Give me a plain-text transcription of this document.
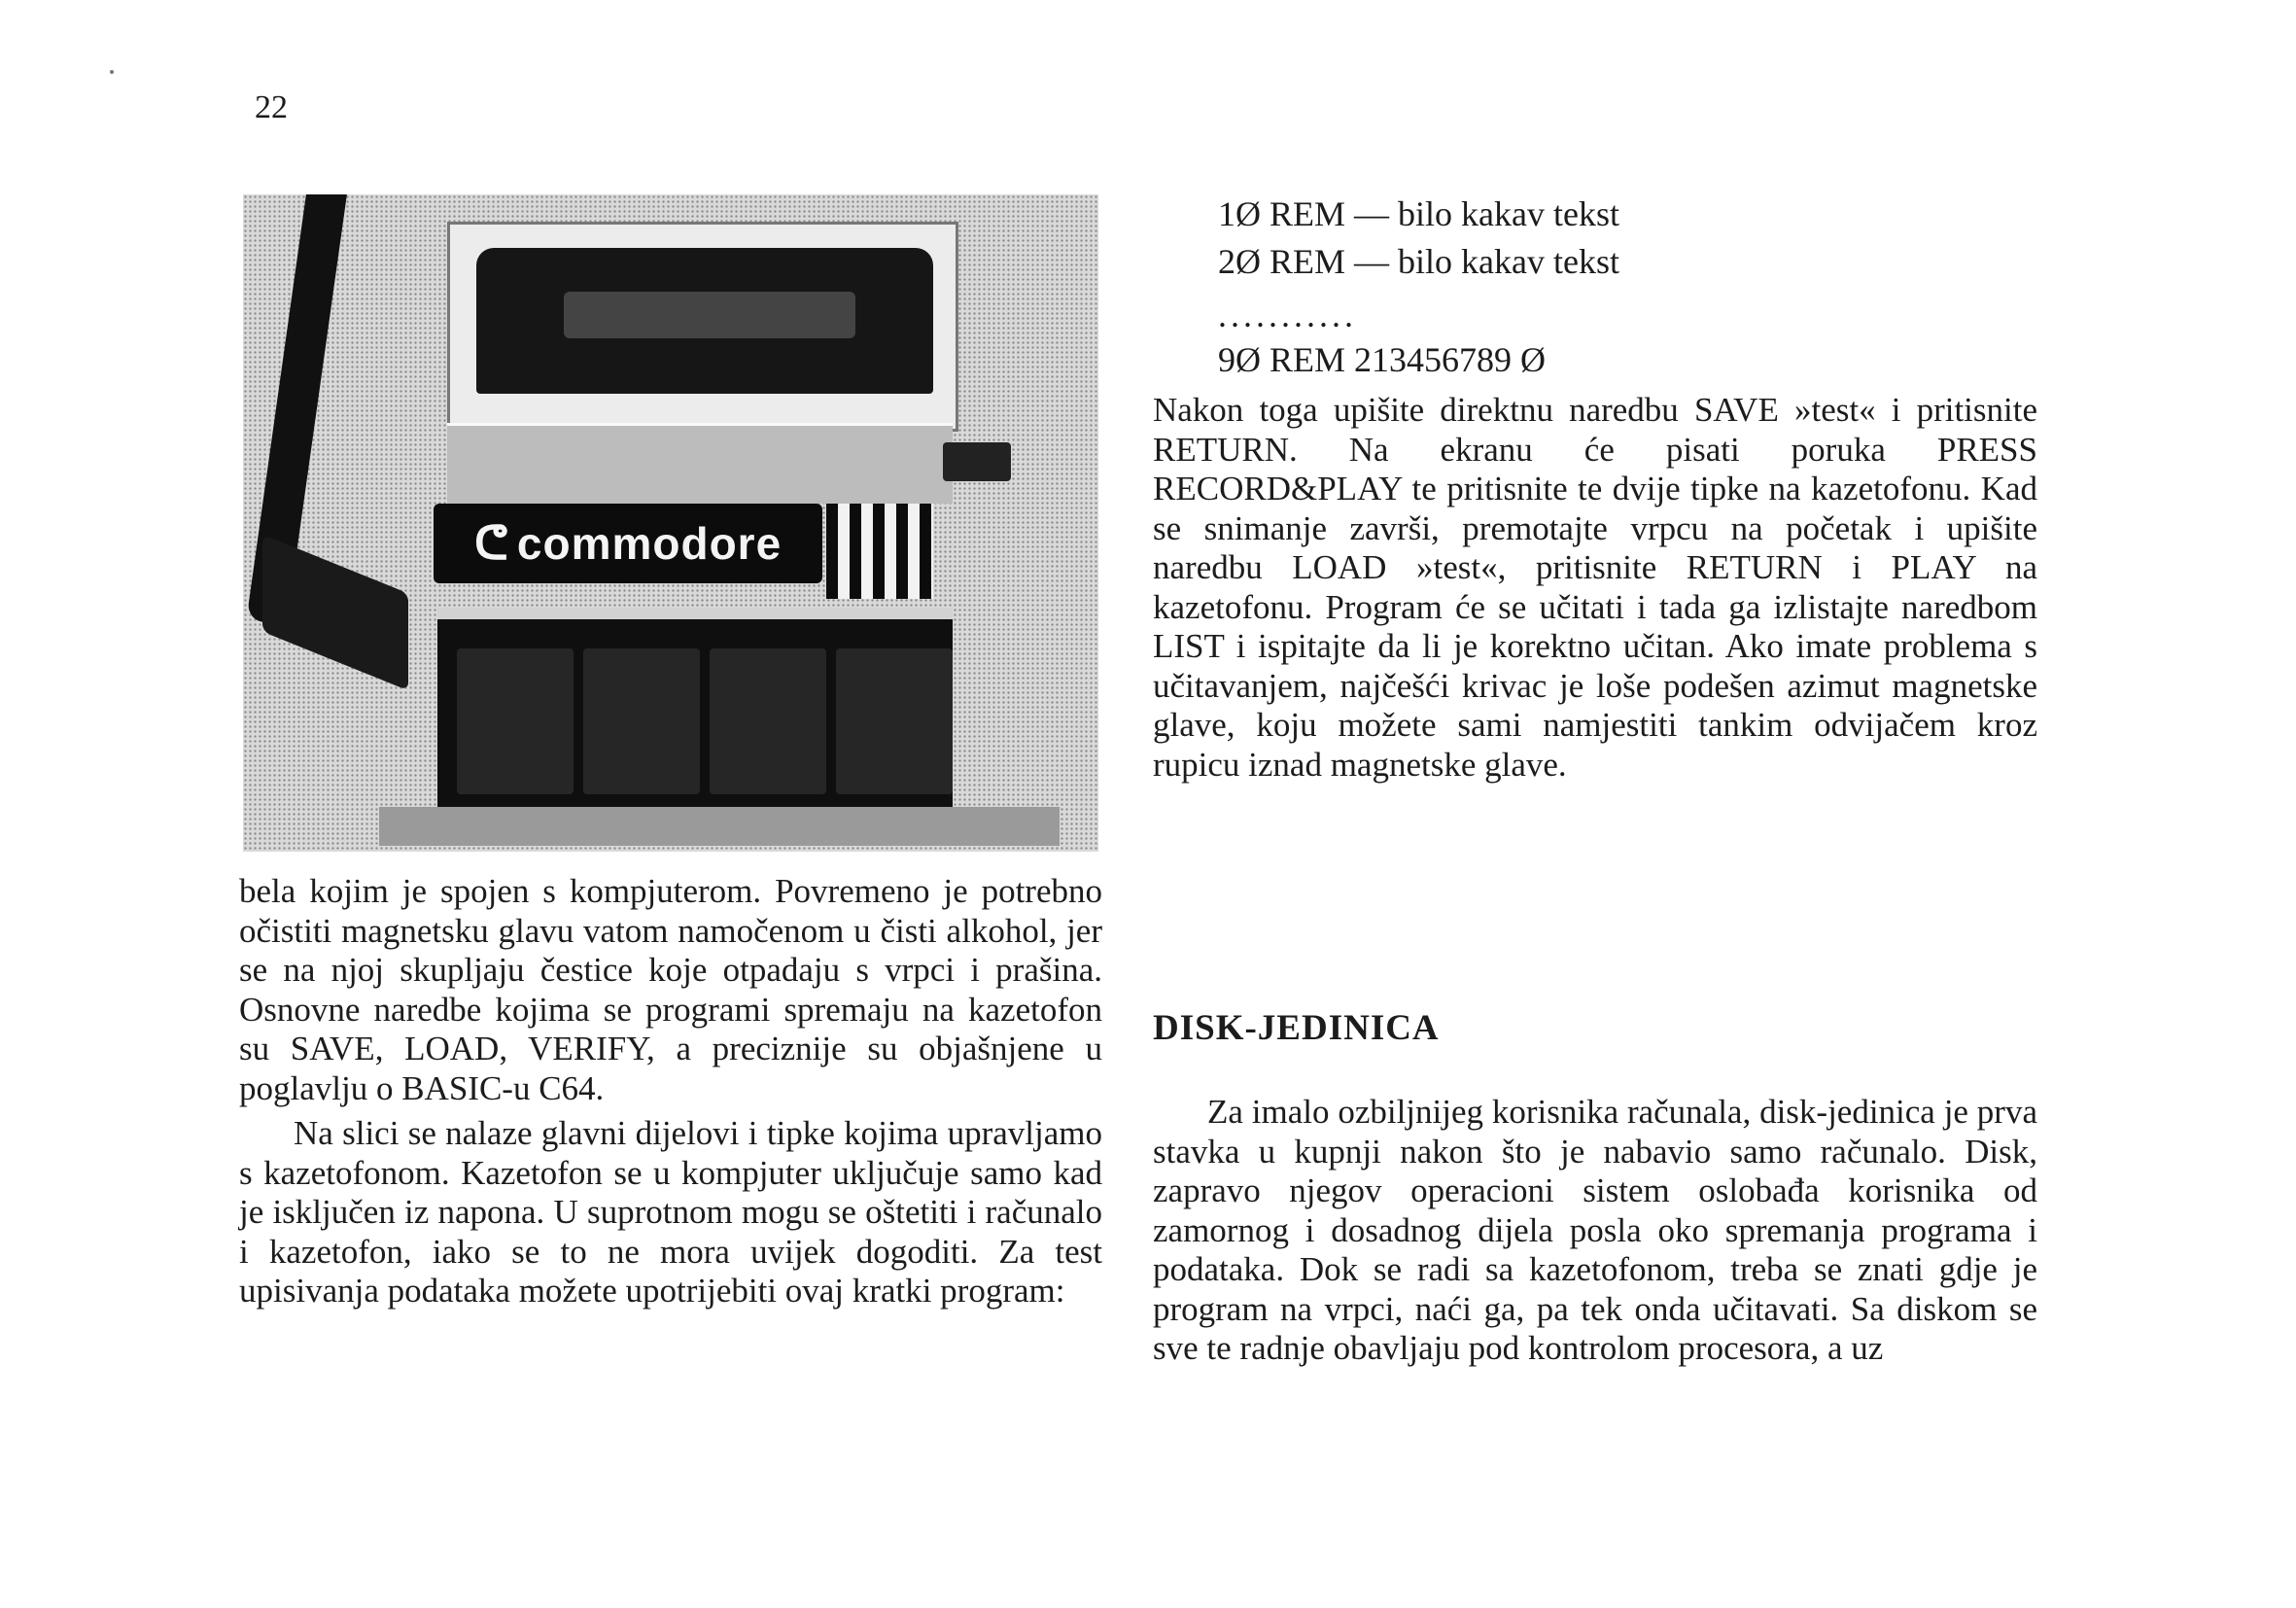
22
ᕦ commodore

bela kojim je spojen s kompjuterom. Povremeno je potrebno očistiti magnetsku glavu vatom namočenom u čisti alkohol, jer se na njoj skupljaju čestice koje otpadaju s vrpci i prašina. Osnovne naredbe kojima se programi spremaju na kazetofon su SAVE, LOAD, VERIFY, a preciznije su objašnjene u poglavlju o BASIC-u C64.

Na slici se nalaze glavni dijelovi i tipke kojima upravljamo s kazetofonom. Kazetofon se u kompjuter uključuje samo kad je isključen iz napona. U suprotnom mogu se oštetiti i računalo i kazetofon, iako se to ne mora uvijek dogoditi. Za test upisivanja podataka možete upotrijebiti ovaj kratki program:

1Ø REM — bilo kakav tekst
2Ø REM — bilo kakav tekst
...........
9Ø REM 213456789 Ø

Nakon toga upišite direktnu naredbu SAVE »test« i pritisnite RETURN. Na ekranu će pisati poruka PRESS RECORD&PLAY te pritisnite te dvije tipke na kazetofonu. Kad se snimanje završi, premotajte vrpcu na početak i upišite naredbu LOAD »test«, pritisnite RETURN i PLAY na kazetofonu. Program će se učitati i tada ga izlistajte naredbom LIST i ispitajte da li je korektno učitan. Ako imate problema s učitavanjem, najčešći krivac je loše podešen azimut magnetske glave, koju možete sami namjestiti tankim odvijačem kroz rupicu iznad magnetske glave.

DISK-JEDINICA

Za imalo ozbiljnijeg korisnika računala, disk-jedinica je prva stavka u kupnji nakon što je nabavio samo računalo. Disk, zapravo njegov operacioni sistem oslobađa korisnika od zamornog i dosadnog dijela posla oko spremanja programa i podataka. Dok se radi sa kazetofonom, treba se znati gdje je program na vrpci, naći ga, pa tek onda učitavati. Sa diskom se sve te radnje obavljaju pod kontrolom procesora, a uz
